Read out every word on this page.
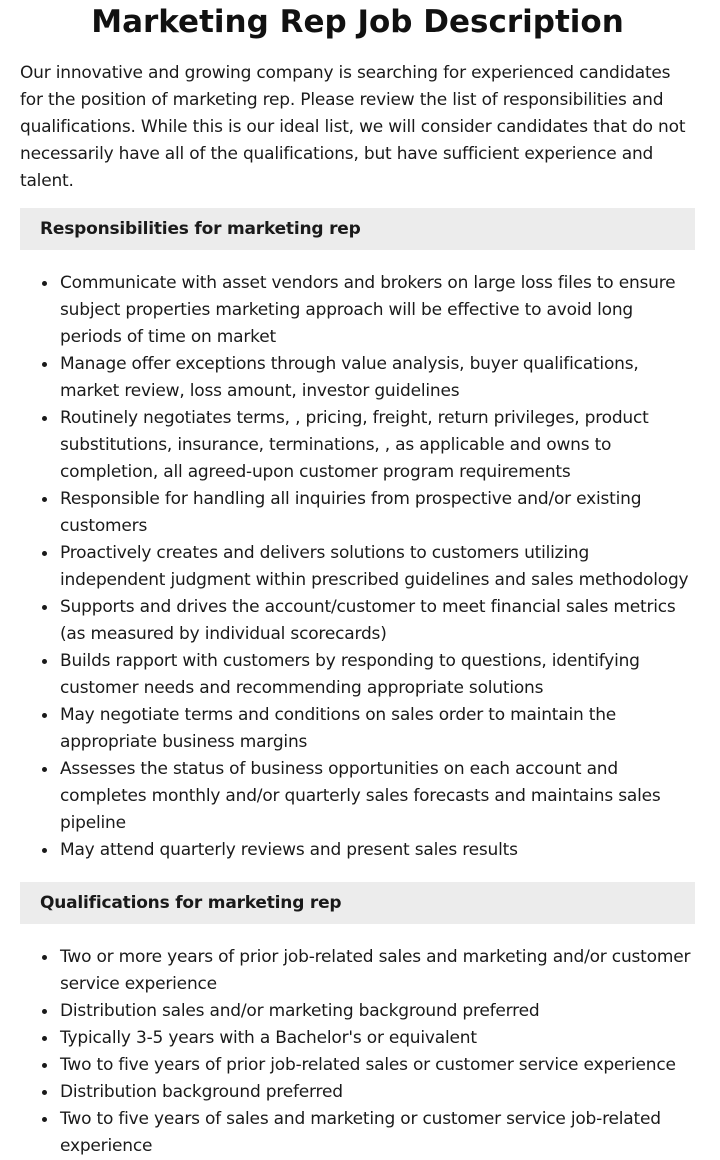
Marketing Rep Job Description

Our innovative and growing company is searching for experienced candidates for the position of marketing rep. Please review the list of responsibilities and qualifications. While this is our ideal list, we will consider candidates that do not necessarily have all of the qualifications, but have sufficient experience and talent.

Responsibilities for marketing rep
Communicate with asset vendors and brokers on large loss files to ensure subject properties marketing approach will be effective to avoid long periods of time on market
Manage offer exceptions through value analysis, buyer qualifications, market review, loss amount, investor guidelines
Routinely negotiates terms, , pricing, freight, return privileges, product substitutions, insurance, terminations, , as applicable and owns to completion, all agreed-upon customer program requirements
Responsible for handling all inquiries from prospective and/or existing customers
Proactively creates and delivers solutions to customers utilizing independent judgment within prescribed guidelines and sales methodology
Supports and drives the account/customer to meet financial sales metrics (as measured by individual scorecards)
Builds rapport with customers by responding to questions, identifying customer needs and recommending appropriate solutions
May negotiate terms and conditions on sales order to maintain the appropriate business margins
Assesses the status of business opportunities on each account and completes monthly and/or quarterly sales forecasts and maintains sales pipeline
May attend quarterly reviews and present sales results
Qualifications for marketing rep
Two or more years of prior job-related sales and marketing and/or customer service experience
Distribution sales and/or marketing background preferred
Typically 3-5 years with a Bachelor's or equivalent
Two to five years of prior job-related sales or customer service experience
Distribution background preferred
Two to five years of sales and marketing or customer service job-related experience
